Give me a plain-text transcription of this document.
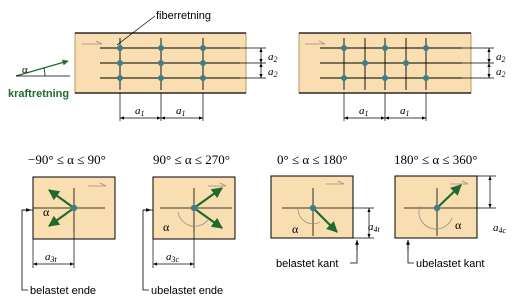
fiberretning
α
kraftretning
a1	a1
a2
a2
a1	a1
a2
a2
−90° ≤ α ≤ 90°	90° ≤ α ≤ 270°	0° ≤ α ≤ 180°	180° ≤ α ≤ 360°
α
a3t
belastet ende
α
a3c
ubelastet ende
α	a4t
belastet kant
α	a4c
ubelastet kant
